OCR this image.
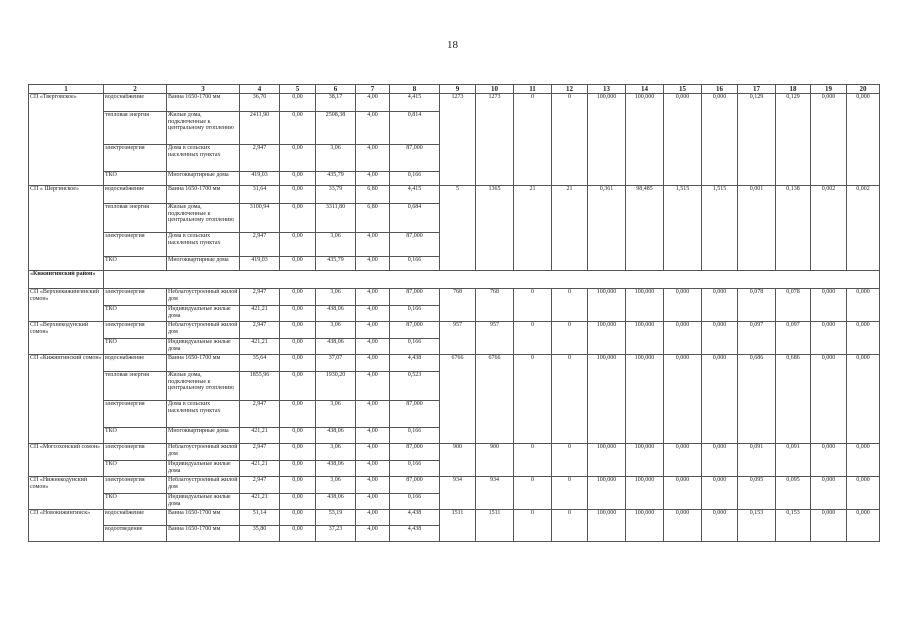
18
1	2	3	4	5	6	7	8	9	10	11	12	13	14	15	16	17	18	19	20
СП «Тверговское»	водоснабжение	Ванна 1650-1700 мм	36,70	0,00	38,17	4,00	4,415	1273	1273	0	0	100,000	100,000	0,000	0,000	0,129	0,129	0,000	0,000
	тепловая энергия	Жилые дома, подключенные к центральному отоплению	2411,90	0,00	2508,38	4,00	0,814												
	электроэнергия	Дома в сельских населенных пунктах	2,947	0,00	3,06	4,00	87,000												
	ТКО	Многоквартирные дома	419,03	0,00	435,79	4,00	0,166												
СП « Шергинское»	водоснабжение	Ванна 1650-1700 мм	31,64	0,00	33,79	6,80	4,415	5	1365	21	21	0,361	98,485	1,515	1,515	0,001	0,138	0,002	0,002
	тепловая энергия	Жилые дома, подключенные к центральному отоплению	3100,94	0,00	3311,80	6,80	0,684												
	электроэнергия	Дома в сельских населенных пунктах	2,947	0,00	3,06	4,00	87,000												
	ТКО	Многоквартирные дома	419,03	0,00	435,79	4,00	0,166												
«Кижингинский район»																			
СП «Верхнекижингинский сомон»	электроэнергия	Неблагоустроенный жилой дом	2,947	0,00	3,06	4,00	87,000	768	768	0	0	100,000	100,000	0,000	0,000	0,078	0,078	0,000	0,000
	ТКО	Индивидуальные жилые дома	421,21	0,00	438,06	4,00	0,166												
СП «Верхнекодунский сомон»	электроэнергия	Неблагоустроенный жилой дом	2,947	0,00	3,06	4,00	87,000	957	957	0	0	100,000	100,000	0,000	0,000	0,097	0,097	0,000	0,000
	ТКО	Индивидуальные жилые дома	421,21	0,00	438,06	4,00	0,166												
СП «Кижингинский сомон»	водоснабжение	Ванна 1650-1700 мм	35,64	0,00	37,07	4,00	4,438	6766	6766	0	0	100,000	100,000	0,000	0,000	0,686	0,686	0,000	0,000
	тепловая энергия	Жилые дома, подключенные к центральному отоплению	1855,96	0,00	1930,20	4,00	0,523												
	электроэнергия	Дома в сельских населенных пунктах	2,947	0,00	3,06	4,00	87,000												
	ТКО	Многоквартирные дома	421,21	0,00	438,06	4,00	0,166												
СП «Могсохонский сомон»	электроэнергия	Неблагоустроенный жилой дом	2,947	0,00	3,06	4,00	87,000	900	900	0	0	100,000	100,000	0,000	0,000	0,091	0,091	0,000	0,000
	ТКО	Индивидуальные жилые дома	421,21	0,00	438,06	4,00	0,166												
СП «Нижнекодунский сомон»	электроэнергия	Неблагоустроенный жилой дом	2,947	0,00	3,06	4,00	87,000	934	934	0	0	100,000	100,000	0,000	0,000	0,095	0,095	0,000	0,000
	ТКО	Индивидуальные жилые дома	421,21	0,00	438,06	4,00	0,166												
СП «Новокижингинск»	водоснабжение	Ванна 1650-1700 мм	51,14	0,00	53,19	4,00	4,438	1511	1511	0	0	100,000	100,000	0,000	0,000	0,153	0,153	0,000	0,000
	водоотведение	Ванна 1650-1700 мм	35,80	0,00	37,23	4,00	4,438												
